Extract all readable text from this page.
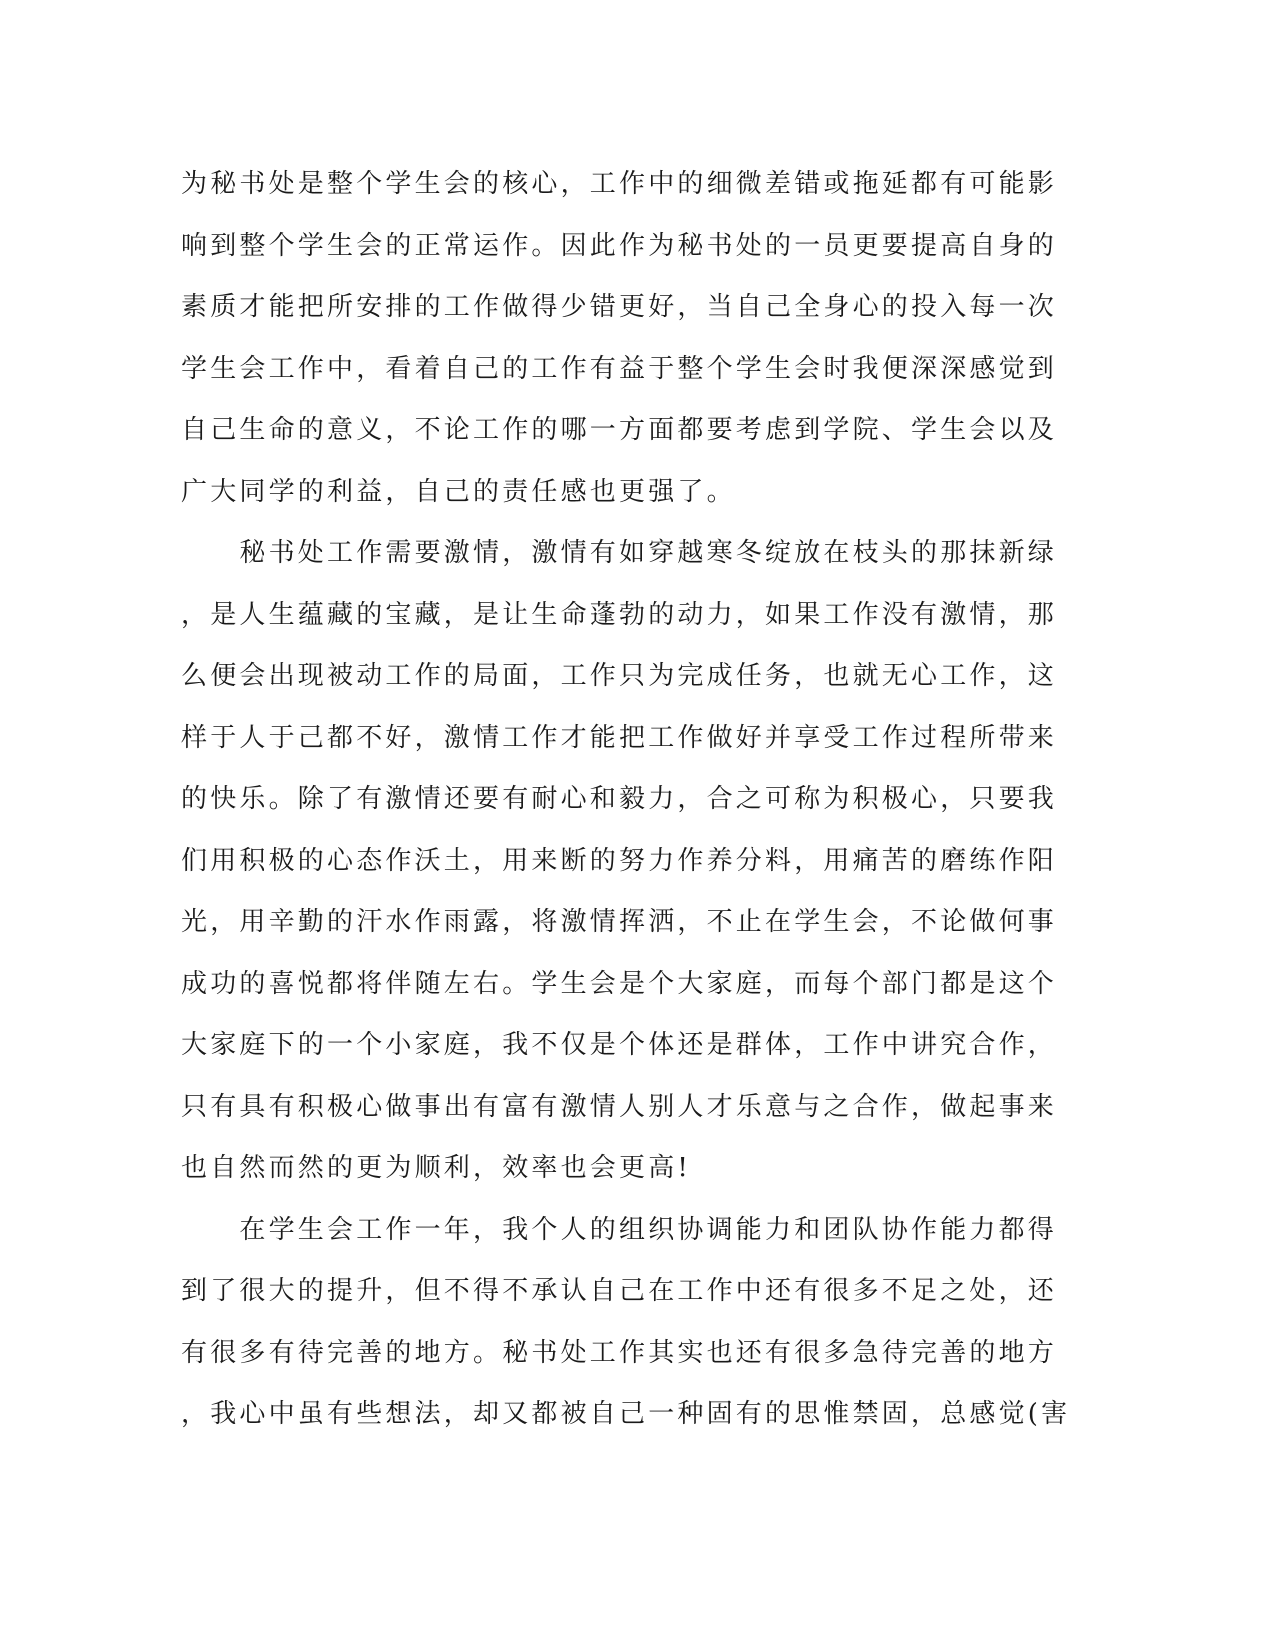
为秘书处是整个学生会的核心，工作中的细微差错或拖延都有可能影
响到整个学生会的正常运作。因此作为秘书处的一员更要提高自身的
素质才能把所安排的工作做得少错更好，当自己全身心的投入每一次
学生会工作中，看着自己的工作有益于整个学生会时我便深深感觉到
自己生命的意义，不论工作的哪一方面都要考虑到学院、学生会以及
广大同学的利益，自己的责任感也更强了。
　　秘书处工作需要激情，激情有如穿越寒冬绽放在枝头的那抹新绿
，是人生蕴藏的宝藏，是让生命蓬勃的动力，如果工作没有激情，那
么便会出现被动工作的局面，工作只为完成任务，也就无心工作，这
样于人于己都不好，激情工作才能把工作做好并享受工作过程所带来
的快乐。除了有激情还要有耐心和毅力，合之可称为积极心，只要我
们用积极的心态作沃土，用来断的努力作养分料，用痛苦的磨练作阳
光，用辛勤的汗水作雨露，将激情挥洒，不止在学生会，不论做何事
成功的喜悦都将伴随左右。学生会是个大家庭，而每个部门都是这个
大家庭下的一个小家庭，我不仅是个体还是群体，工作中讲究合作，
只有具有积极心做事出有富有激情人别人才乐意与之合作，做起事来
也自然而然的更为顺利，效率也会更高!
　　在学生会工作一年，我个人的组织协调能力和团队协作能力都得
到了很大的提升，但不得不承认自己在工作中还有很多不足之处，还
有很多有待完善的地方。秘书处工作其实也还有很多急待完善的地方
，我心中虽有些想法，却又都被自己一种固有的思惟禁固，总感觉(害
